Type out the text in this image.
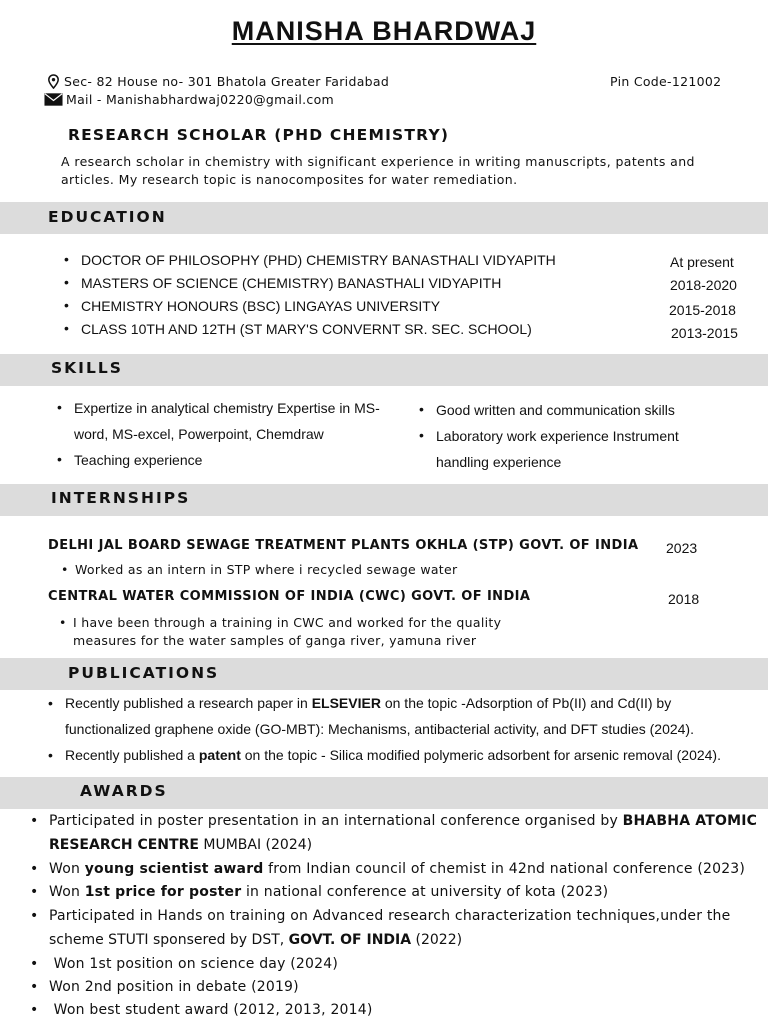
MANISHA BHARDWAJ
Sec- 82 House no- 301 Bhatola Greater Faridabad	Pin Code-121002
Mail - Manishabhardwaj0220@gmail.com
RESEARCH SCHOLAR (PHD CHEMISTRY)
A research scholar in chemistry with significant experience in writing manuscripts, patents and articles. My research topic is nanocomposites for water remediation.
EDUCATION
• DOCTOR OF PHILOSOPHY (PHD) CHEMISTRY BANASTHALI VIDYAPITH
• MASTERS OF SCIENCE (CHEMISTRY) BANASTHALI VIDYAPITH
• CHEMISTRY HONOURS (BSC) LINGAYAS UNIVERSITY
• CLASS 10TH AND 12TH (ST MARY'S CONVERNT SR. SEC. SCHOOL)
At present
2018-2020
2015-2018
2013-2015
SKILLS
• Expertize in analytical chemistry Expertise in MS-
word, MS-excel, Powerpoint, Chemdraw
• Teaching experience
• Good written and communication skills
• Laboratory work experience Instrument
handling experience
INTERNSHIPS
DELHI JAL BOARD SEWAGE TREATMENT PLANTS OKHLA (STP) GOVT. OF INDIA 2023
• Worked as an intern in STP where i recycled sewage water
CENTRAL WATER COMMISSION OF INDIA (CWC) GOVT. OF INDIA	2018
• I have been through a training in CWC and worked for the quality
measures for the water samples of ganga river, yamuna river
PUBLICATIONS
• Recently published a research paper in ELSEVIER on the topic -Adsorption of Pb(II) and Cd(II) by
functionalized graphene oxide (GO-MBT): Mechanisms, antibacterial activity, and DFT studies (2024).
• Recently published a patent on the topic - Silica modified polymeric adsorbent for arsenic removal (2024).
AWARDS
• Participated in poster presentation in an international conference organised by BHABHA ATOMIC
RESEARCH CENTRE MUMBAI (2024)
• Won young scientist award from Indian council of chemist in 42nd national conference (2023)
• Won 1st price for poster in national conference at university of kota (2023)
• Participated in Hands on training on Advanced research characterization techniques,under the
scheme STUTI sponsered by DST, GOVT. OF INDIA (2022)
•  Won 1st position on science day (2024)
• Won 2nd position in debate (2019)
•  Won best student award (2012, 2013, 2014)
